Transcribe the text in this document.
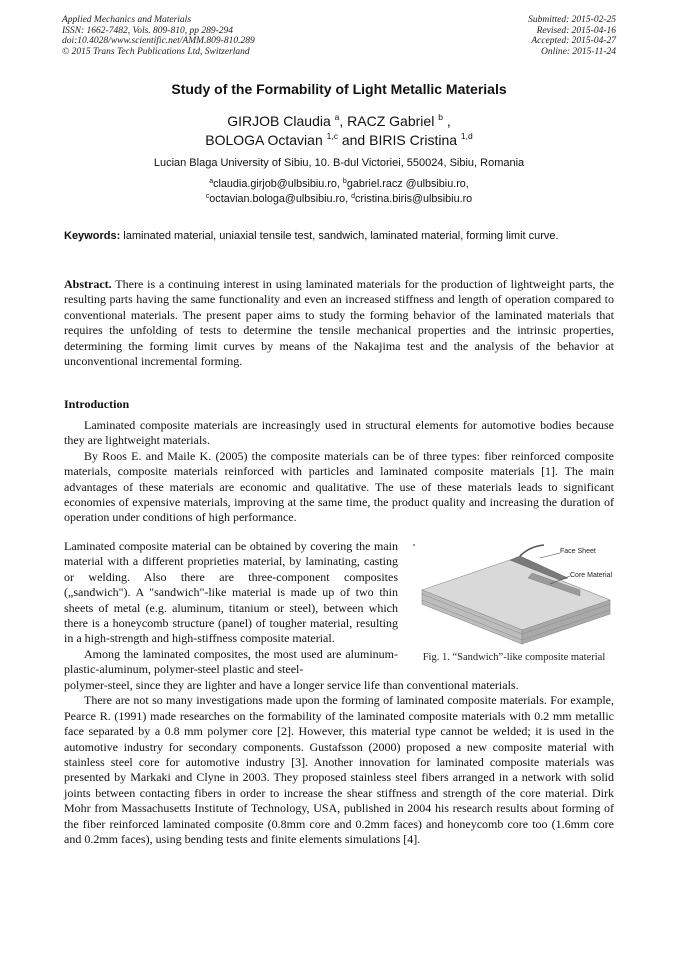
Applied Mechanics and Materials
ISSN: 1662-7482, Vols. 809-810, pp 289-294
doi:10.4028/www.scientific.net/AMM.809-810.289
© 2015 Trans Tech Publications Ltd, Switzerland
Submitted: 2015-02-25
Revised: 2015-04-16
Accepted: 2015-04-27
Online: 2015-11-24
Study of the Formability of Light Metallic Materials
GIRJOB Claudia $^a$, RACZ Gabriel $^b$ ,
BOLOGA Octavian $^{1,c}$ and BIRIS Cristina $^{1,d}$
Lucian Blaga University of Sibiu, 10. B-dul Victoriei, 550024, Sibiu, Romania
$^a$claudia.girjob@ulbsibiu.ro, $^b$gabriel.racz @ulbsibiu.ro,
$^c$octavian.bologa@ulbsibiu.ro, $^d$cristina.biris@ulbsibiu.ro
Keywords: laminated material, uniaxial tensile test, sandwich, laminated material, forming limit curve.
Abstract. There is a continuing interest in using laminated materials for the production of lightweight parts, the resulting parts having the same functionality and even an increased stiffness and length of operation compared to conventional materials. The present paper aims to study the forming behavior of the laminated materials that requires the unfolding of tests to determine the tensile mechanical properties and the intrinsic properties, determining the forming limit curves by means of the Nakajima test and the analysis of the behavior at unconventional incremental forming.
Introduction

Laminated composite materials are increasingly used in structural elements for automotive bodies because they are lightweight materials.

By Roos E. and Maile K. (2005) the composite materials can be of three types: fiber reinforced composite materials, composite materials reinforced with particles and laminated composite materials [1]. The main advantages of these materials are economic and qualitative. The use of these materials leads to significant economies of expensive materials, improving at the same time, the product quality and increasing the duration of operation under conditions of high performance.

Laminated composite material can be obtained by covering the main material with a different proprieties material, by laminating, casting or welding. Also there are three-component composites („sandwich"). A "sandwich"-like material is made up of two thin sheets of metal (e.g. aluminum, titanium or steel), between which there is a honeycomb structure (panel) of tougher material, resulting in a high-strength and high-stiffness composite material.

Among the laminated composites, the most used are aluminum-plastic-aluminum, polymer-steel plastic and steel-

Face Sheet
Core Material
Fig. 1. “Sandwich”-like composite material

polymer-steel, since they are lighter and have a longer service life than conventional materials.

There are not so many investigations made upon the forming of laminated composite materials. For example, Pearce R. (1991) made researches on the formability of the laminated composite materials with 0.2 mm metallic face separated by a 0.8 mm polymer core [2]. However, this material type cannot be welded; it is used in the automotive industry for secondary components. Gustafsson (2000) proposed a new composite material with stainless steel core for automotive industry [3]. Another innovation for laminated composite materials was presented by Markaki and Clyne in 2003. They proposed stainless steel fibers arranged in a network with solid joints between contacting fibers in order to increase the shear stiffness and strength of the core material. Dirk Mohr from Massachusetts Institute of Technology, USA, published in 2004 his research results about forming of the fiber reinforced laminated composite (0.8mm core and 0.2mm faces) and honeycomb core too (1.6mm core and 0.2mm faces), using bending tests and finite elements simulations [4].
